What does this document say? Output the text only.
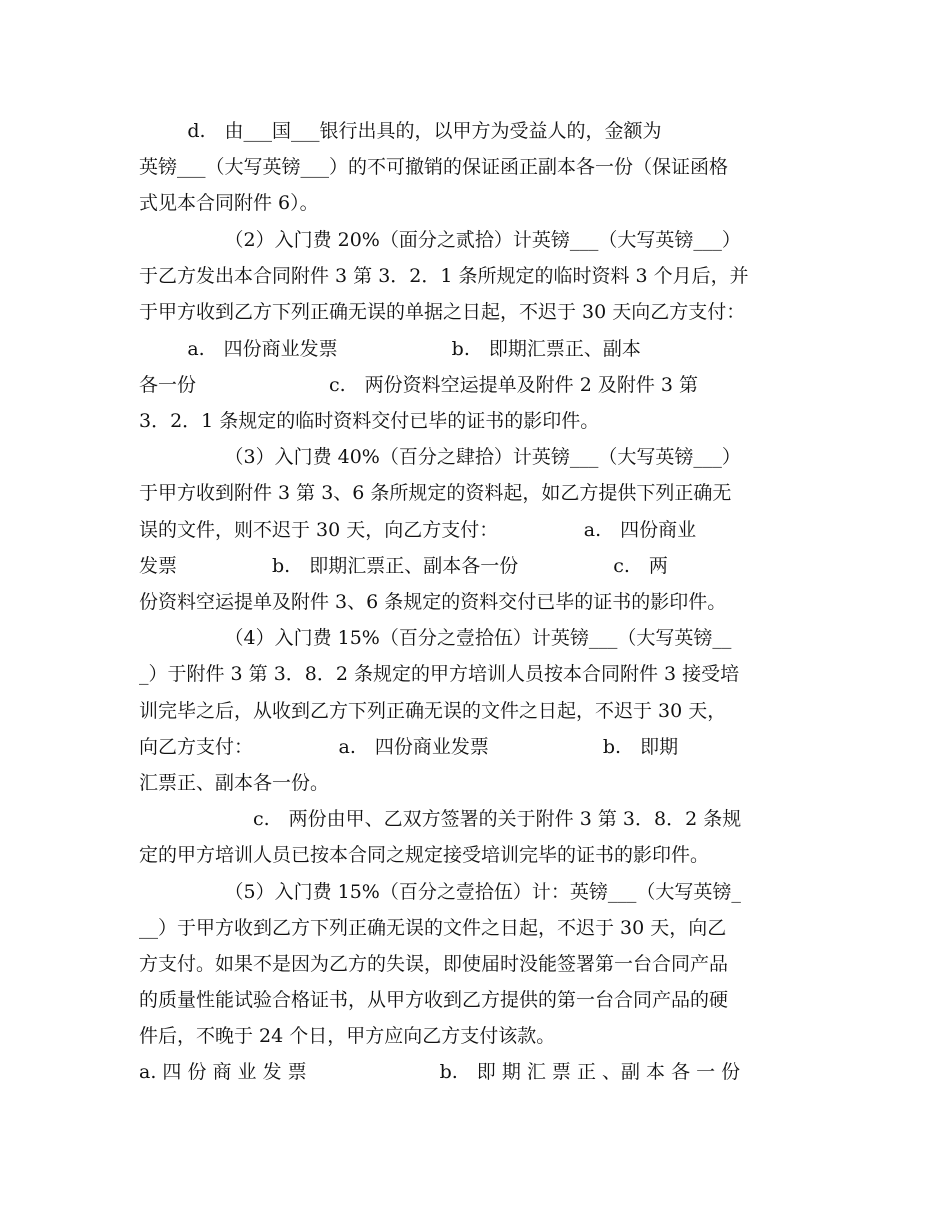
d.　由___国___银行出具的，以甲方为受益人的，金额为
英镑___（大写英镑___）的不可撤销的保证函正副本各一份（保证函格
式见本合同附件 6）。
　　　　　（2）入门费 20%（面分之贰拾）计英镑___（大写英镑___）
于乙方发出本合同附件 3 第 3．2．1 条所规定的临时资料 3 个月后，并
于甲方收到乙方下列正确无误的单据之日起，不迟于 30 天向乙方支付：
a.　四份商业发票　　　　　　b.　即期汇票正、副本
各一份　　　　　　　c.　两份资料空运提单及附件 2 及附件 3 第
3．2．1 条规定的临时资料交付已毕的证书的影印件。
　　　　　（3）入门费 40%（百分之肆拾）计英镑___（大写英镑___）
于甲方收到附件 3 第 3、6 条所规定的资料起，如乙方提供下列正确无
误的文件，则不迟于 30 天，向乙方支付：　　　　　a.　四份商业
发票　　　　　b.　即期汇票正、副本各一份　　　　　c.　两
份资料空运提单及附件 3、6 条规定的资料交付已毕的证书的影印件。
　　　　　（4）入门费 15%（百分之壹拾伍）计英镑___（大写英镑__
_）于附件 3 第 3．8．2 条规定的甲方培训人员按本合同附件 3 接受培
训完毕之后，从收到乙方下列正确无误的文件之日起，不迟于 30 天，
向乙方支付：　　　　　a.　四份商业发票　　　　　　b.　即期
汇票正、副本各一份。
　　　　　　c.　两份由甲、乙双方签署的关于附件 3 第 3．8．2 条规
定的甲方培训人员已按本合同之规定接受培训完毕的证书的影印件。
　　　　　（5）入门费 15%（百分之壹拾伍）计：英镑___（大写英镑_
__）于甲方收到乙方下列正确无误的文件之日起，不迟于 30 天，向乙
方支付。如果不是因为乙方的失误，即使届时没能签署第一台合同产品
的质量性能试验合格证书，从甲方收到乙方提供的第一台合同产品的硬
件后，不晚于 24 个日，甲方应向乙方支付该款。
a. 四 份 商 业 发 票　　　　　　　b.　即 期 汇 票 正 、副 本 各 一 份
